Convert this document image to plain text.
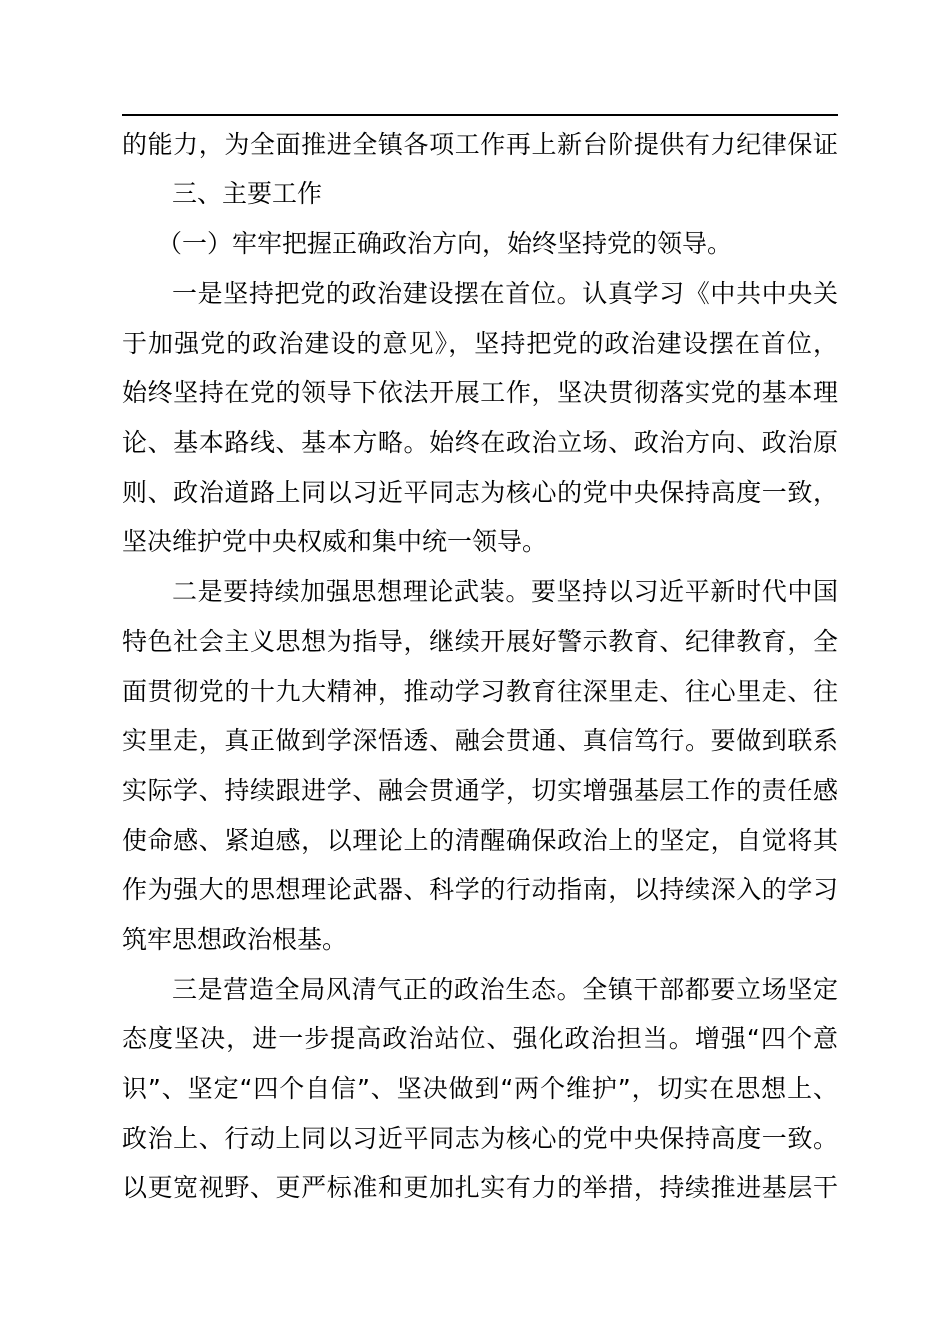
的能力，为全面推进全镇各项工作再上新台阶提供有力纪律保证
三、主要工作
（一）牢牢把握正确政治方向，始终坚持党的领导。
一是坚持把党的政治建设摆在首位。认真学习《中共中央关
于加强党的政治建设的意见》，坚持把党的政治建设摆在首位，
始终坚持在党的领导下依法开展工作，坚决贯彻落实党的基本理
论、基本路线、基本方略。始终在政治立场、政治方向、政治原
则、政治道路上同以习近平同志为核心的党中央保持高度一致，
坚决维护党中央权威和集中统一领导。
二是要持续加强思想理论武装。要坚持以习近平新时代中国
特色社会主义思想为指导，继续开展好警示教育、纪律教育，全
面贯彻党的十九大精神，推动学习教育往深里走、往心里走、往
实里走，真正做到学深悟透、融会贯通、真信笃行。要做到联系
实际学、持续跟进学、融会贯通学，切实增强基层工作的责任感
使命感、紧迫感，以理论上的清醒确保政治上的坚定，自觉将其
作为强大的思想理论武器、科学的行动指南，以持续深入的学习
筑牢思想政治根基。
三是营造全局风清气正的政治生态。全镇干部都要立场坚定
态度坚决，进一步提高政治站位、强化政治担当。增强“四个意
识”、坚定“四个自信”、坚决做到“两个维护”，切实在思想上、
政治上、行动上同以习近平同志为核心的党中央保持高度一致。
以更宽视野、更严标准和更加扎实有力的举措，持续推进基层干
